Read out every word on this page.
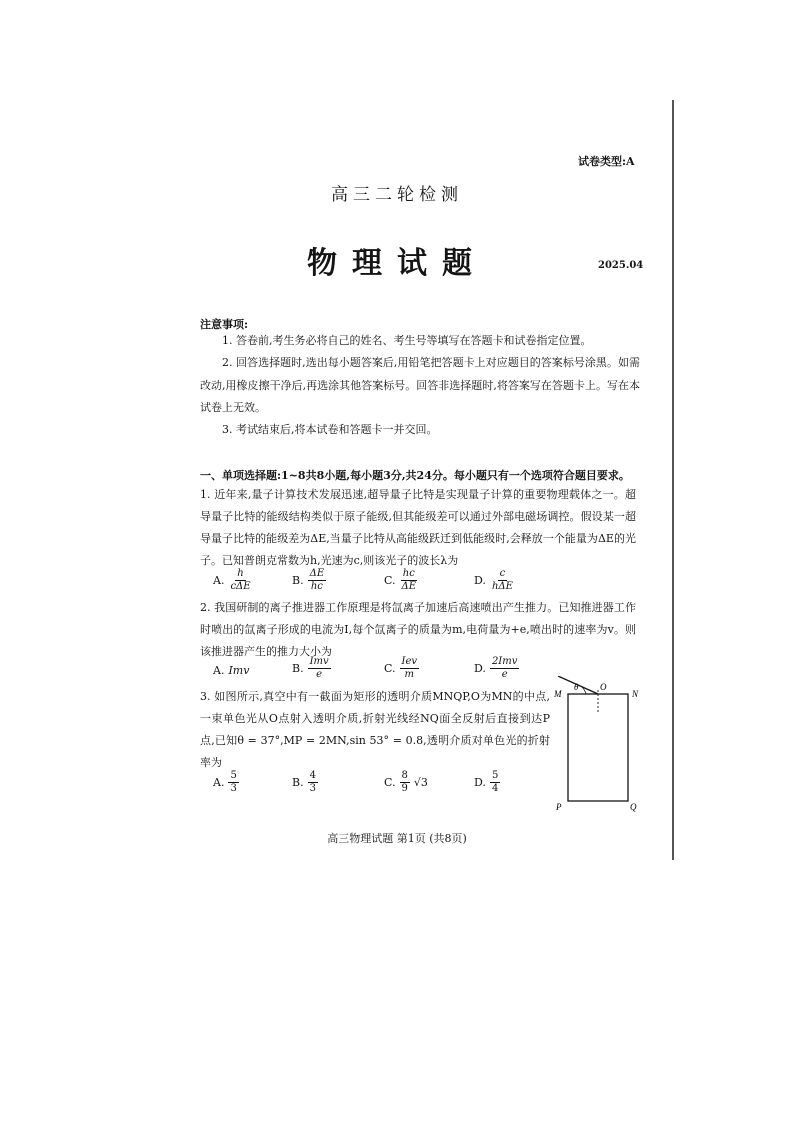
试卷类型:A
高三二轮检测
物理试题	2025.04
注意事项:
1. 答卷前,考生务必将自己的姓名、考生号等填写在答题卡和试卷指定位置。
2. 回答选择题时,选出每小题答案后,用铅笔把答题卡上对应题目的答案标号涂黑。如需改动,用橡皮擦干净后,再选涂其他答案标号。回答非选择题时,将答案写在答题卡上。写在本试卷上无效。
3. 考试结束后,将本试卷和答题卡一并交回。
一、单项选择题:1~8共8小题,每小题3分,共24分。每小题只有一个选项符合题目要求。
1. 近年来,量子计算技术发展迅速,超导量子比特是实现量子计算的重要物理载体之一。超导量子比特的能级结构类似于原子能级,但其能级差可以通过外部电磁场调控。假设某一超导量子比特的能级差为ΔE,当量子比特从高能级跃迁到低能级时,会释放一个能量为ΔE的光子。已知普朗克常数为h,光速为c,则该光子的波长λ为
A. $\frac{h}{\text{cΔE}}$	B. $\frac{\Delta E}{hc}$	C. $\frac{hc}{\Delta E}$	D. $\frac{c}{\text{hΔE}}$
2. 我国研制的离子推进器工作原理是将氙离子加速后高速喷出产生推力。已知推进器工作时喷出的氙离子形成的电流为I,每个氙离子的质量为m,电荷量为+e,喷出时的速率为v。则该推进器产生的推力大小为
A. Imv	B. $\frac{\text{Imv}}{e}$	C. $\frac{\text{Iev}}{m}$	D. $\frac{\text{2Imv}}{e}$
3. 如图所示,真空中有一截面为矩形的透明介质MNQP,O为MN的中点,一束单色光从O点射入透明介质,折射光线经NQ面全反射后直接到达P点,已知θ = 37°,MP = 2MN,sin 53° = 0.8,透明介质对单色光的折射率为
A. $\frac{5}{3}$	B. $\frac{4}{3}$	C. $\frac{8}{9} √3$	D. $\frac{5}{4}$
M	N
O
θ
P	Q
高三物理试题 第1页 (共8页)
